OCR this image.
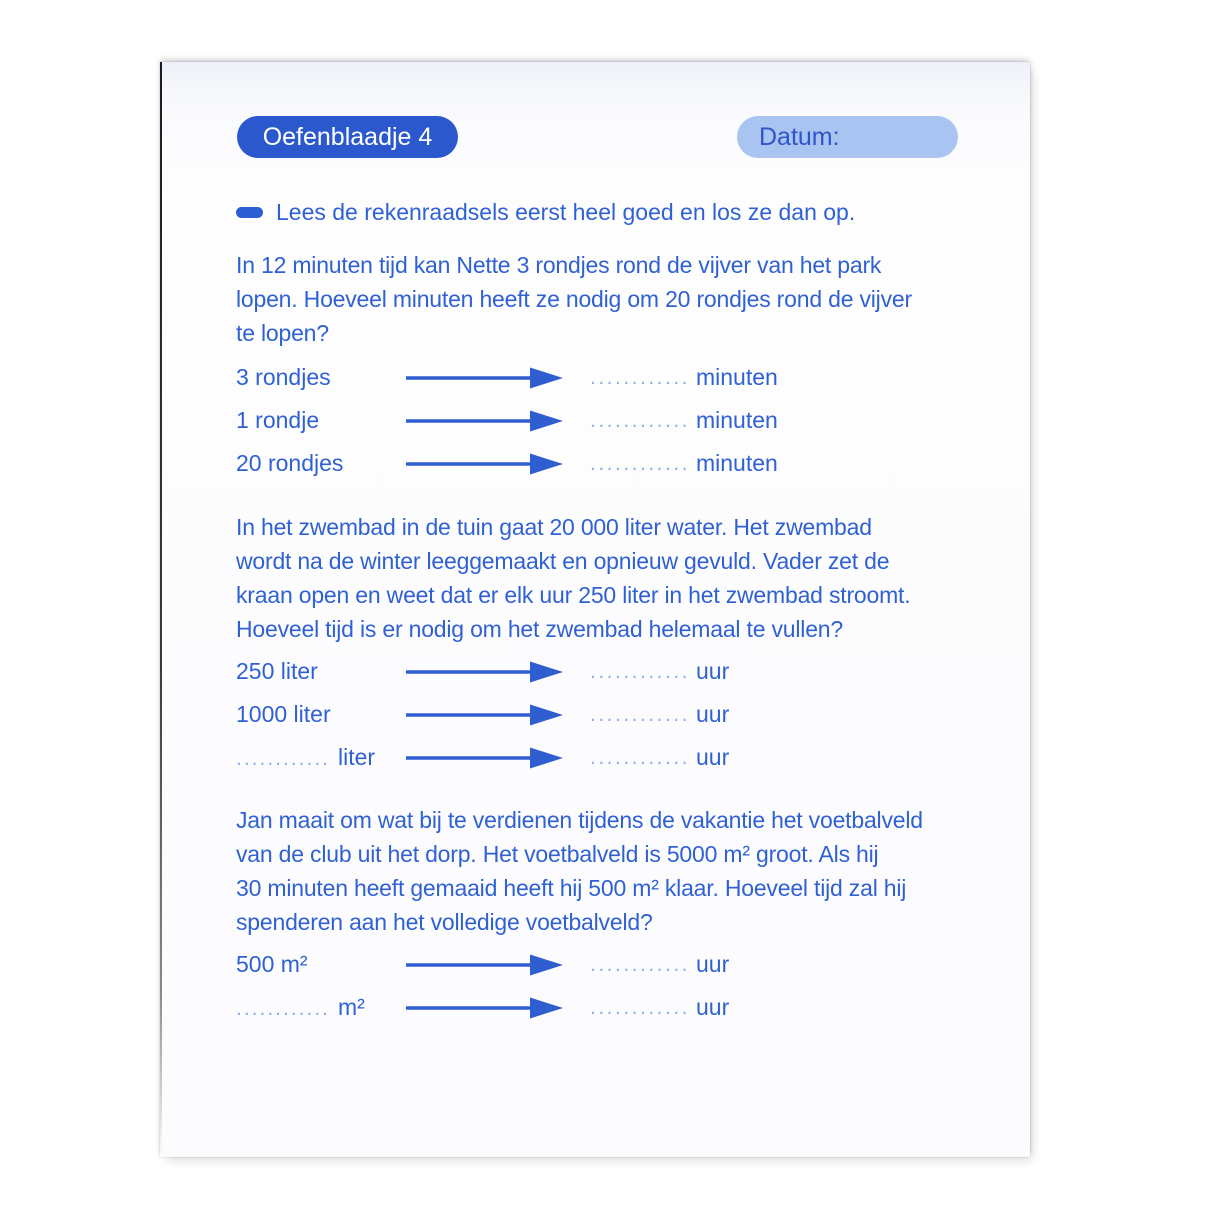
Oefenblaadje 4	Datum:
Lees de rekenraadsels eerst heel goed en los ze dan op.
In 12 minuten tijd kan Nette 3 rondjes rond de vijver van het park
lopen. Hoeveel minuten heeft ze nodig om 20 rondjes rond de vijver
te lopen?
3 rondjes	............ minuten
1 rondje	............ minuten
20 rondjes	............ minuten
In het zwembad in de tuin gaat 20 000 liter water. Het zwembad
wordt na de winter leeggemaakt en opnieuw gevuld. Vader zet de
kraan open en weet dat er elk uur 250 liter in het zwembad stroomt.
Hoeveel tijd is er nodig om het zwembad helemaal te vullen?
250 liter	............ uur
1000 liter	............ uur
............ liter	............ uur
Jan maait om wat bij te verdienen tijdens de vakantie het voetbalveld
van de club uit het dorp. Het voetbalveld is 5000 m² groot. Als hij
30 minuten heeft gemaaid heeft hij 500 m² klaar. Hoeveel tijd zal hij
spenderen aan het volledige voetbalveld?
500 m²	............ uur
............ m²	............ uur
